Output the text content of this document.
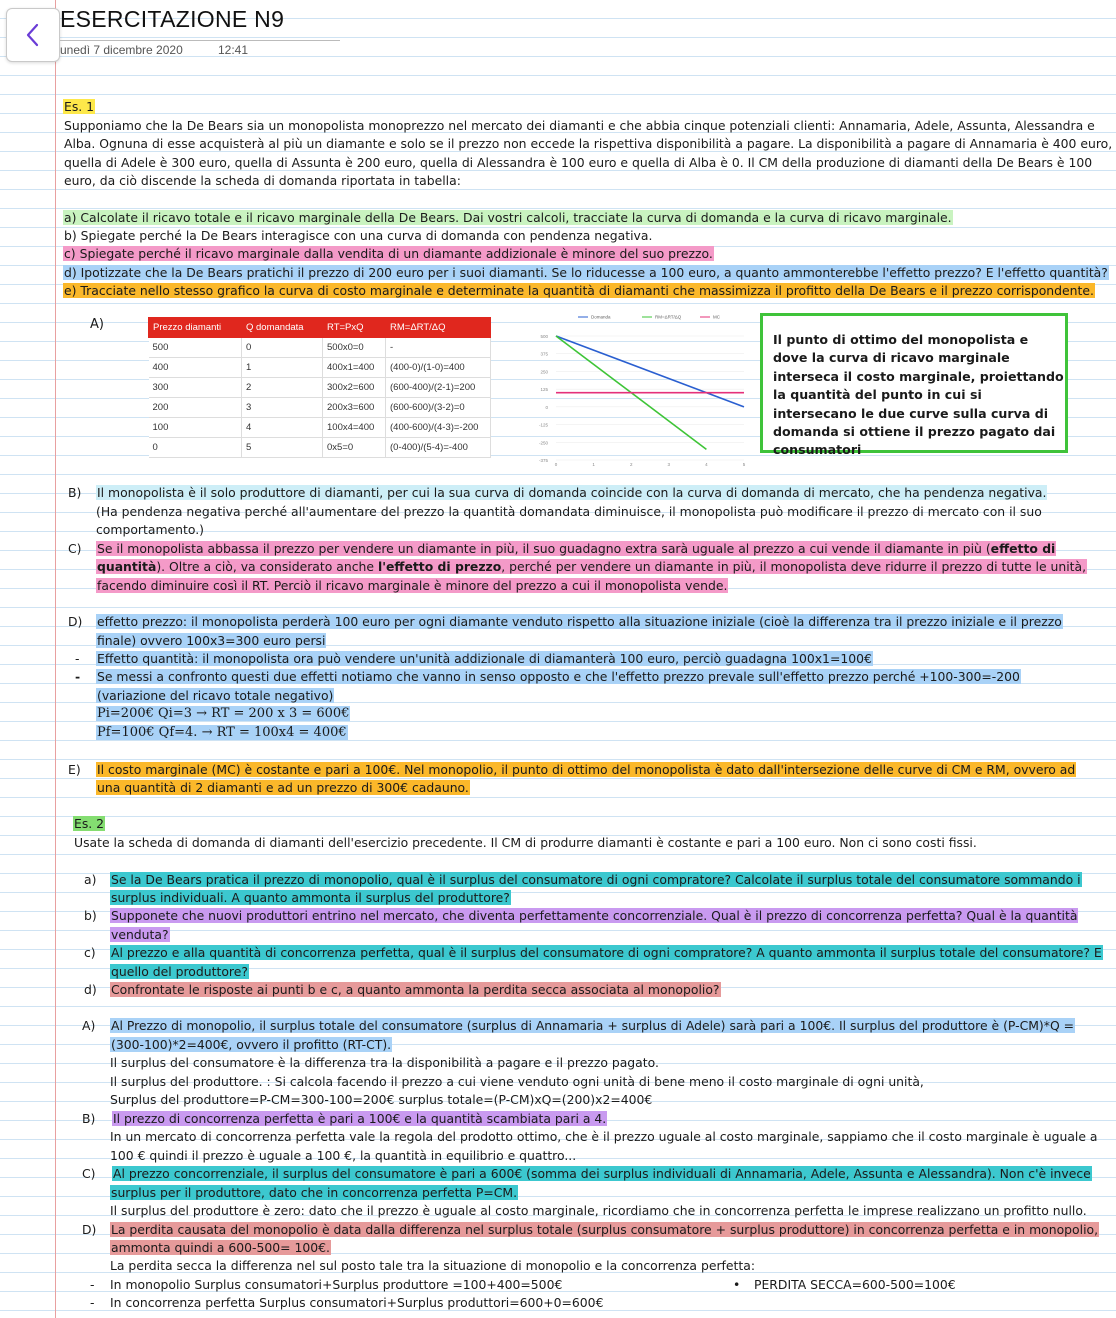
ESERCITAZIONE N9
unedì 7 dicembre 2020	12:41
Es. 1
Supponiamo che la De Bears sia un monopolista monoprezzo nel mercato dei diamanti e che abbia cinque potenziali clienti: Annamaria, Adele, Assunta, Alessandra e
Alba. Ognuna di esse acquisterà al più un diamante e solo se il prezzo non eccede la rispettiva disponibilità a pagare. La disponibilità a pagare di Annamaria è 400 euro,
quella di Adele è 300 euro, quella di Assunta è 200 euro, quella di Alessandra è 100 euro e quella di Alba è 0. Il CM della produzione di diamanti della De Bears è 100
euro, da ciò discende la scheda di domanda riportata in tabella:
a) Calcolate il ricavo totale e il ricavo marginale della De Bears. Dai vostri calcoli, tracciate la curva di domanda e la curva di ricavo marginale.
b) Spiegate perché la De Bears interagisce con una curva di domanda con pendenza negativa.
c) Spiegate perché il ricavo marginale dalla vendita di un diamante addizionale è minore del suo prezzo.
d) Ipotizzate che la De Bears pratichi il prezzo di 200 euro per i suoi diamanti. Se lo riducesse a 100 euro, a quanto ammonterebbe l'effetto prezzo? E l'effetto quantità?
e) Tracciate nello stesso grafico la curva di costo marginale e determinate la quantità di diamanti che massimizza il profitto della De Bears e il prezzo corrispondente.
A)	Prezzo diamanti	Q domandata	RT=PxQ	RM=ΔRT/ΔQ
500	0	500x0=0	-
400	1	400x1=400	(400-0)/(1-0)=400
300	2	300x2=600	(600-400)/(2-1)=200
200	3	200x3=600	(600-600)/(3-2)=0
100	4	100x4=400	(400-600)/(4-3)=-200
0	5	0x5=0	(0-400)/(5-4)=-400
500
375
250
125
0
-125
-250
-375
0	1	2	3	4	5
Domanda	RM=ΔRT/ΔQ	MC
Il punto di ottimo del monopolista e dove la curva di ricavo marginale interseca il costo marginale, proiettando la quantità del punto in cui si intersecano le due curve sulla curva di domanda si ottiene il prezzo pagato dai consumatori
B) Il monopolista è il solo produttore di diamanti, per cui la sua curva di domanda coincide con la curva di domanda di mercato, che ha pendenza negativa.
(Ha pendenza negativa perché all'aumentare del prezzo la quantità domandata diminuisce, il monopolista può modificare il prezzo di mercato con il suo
comportamento.)
C) Se il monopolista abbassa il prezzo per vendere un diamante in più, il suo guadagno extra sarà uguale al prezzo a cui vende il diamante in più (effetto di
quantità). Oltre a ciò, va considerato anche l'effetto di prezzo, perché per vendere un diamante in più, il monopolista deve ridurre il prezzo di tutte le unità,
facendo diminuire così il RT. Perciò il ricavo marginale è minore del prezzo a cui il monopolista vende.
D) effetto prezzo: il monopolista perderà 100 euro per ogni diamante venduto rispetto alla situazione iniziale (cioè la differenza tra il prezzo iniziale e il prezzo
finale) ovvero 100x3=300 euro persi
- Effetto quantità: il monopolista ora può vendere un'unità addizionale di diamanterà 100 euro, perciò guadagna 100x1=100€
- Se messi a confronto questi due effetti notiamo che vanno in senso opposto e che l'effetto prezzo prevale sull'effetto prezzo perché +100-300=-200
(variazione del ricavo totale negativo)
Pi=200€ Qi=3 → RT = 200 x 3 = 600€
Pf=100€ Qf=4. → RT = 100x4 = 400€
E) Il costo marginale (MC) è costante e pari a 100€. Nel monopolio, il punto di ottimo del monopolista è dato dall'intersezione delle curve di CM e RM, ovvero ad
una quantità di 2 diamanti e ad un prezzo di 300€ cadauno.
Es. 2
Usate la scheda di domanda di diamanti dell'esercizio precedente. Il CM di produrre diamanti è costante e pari a 100 euro. Non ci sono costi fissi.
a) Se la De Bears pratica il prezzo di monopolio, qual è il surplus del consumatore di ogni compratore? Calcolate il surplus totale del consumatore sommando i
surplus individuali. A quanto ammonta il surplus del produttore?
b) Supponete che nuovi produttori entrino nel mercato, che diventa perfettamente concorrenziale. Qual è il prezzo di concorrenza perfetta? Qual è la quantità
venduta?
c) Al prezzo e alla quantità di concorrenza perfetta, qual è il surplus del consumatore di ogni compratore? A quanto ammonta il surplus totale del consumatore? E
quello del produttore?
d) Confrontate le risposte ai punti b e c, a quanto ammonta la perdita secca associata al monopolio?
A) Al Prezzo di monopolio, il surplus totale del consumatore (surplus di Annamaria + surplus di Adele) sarà pari a 100€. Il surplus del produttore è (P-CM)*Q =
(300-100)*2=400€, ovvero il profitto (RT-CT).
Il surplus del consumatore è la differenza tra la disponibilità a pagare e il prezzo pagato.
Il surplus del produttore. : Si calcola facendo il prezzo a cui viene venduto ogni unità di bene meno il costo marginale di ogni unità,
Surplus del produttore=P-CM=300-100=200€ surplus totale=(P-CM)xQ=(200)x2=400€
B) Il prezzo di concorrenza perfetta è pari a 100€ e la quantità scambiata pari a 4.
In un mercato di concorrenza perfetta vale la regola del prodotto ottimo, che è il prezzo uguale al costo marginale, sappiamo che il costo marginale è uguale a
100 € quindi il prezzo è uguale a 100 €, la quantità in equilibrio e quattro...
C) Al prezzo concorrenziale, il surplus del consumatore è pari a 600€ (somma dei surplus individuali di Annamaria, Adele, Assunta e Alessandra). Non c'è invece
surplus per il produttore, dato che in concorrenza perfetta P=CM.
Il surplus del produttore è zero: dato che il prezzo è uguale al costo marginale, ricordiamo che in concorrenza perfetta le imprese realizzano un profitto nullo.
D) La perdita causata del monopolio è data dalla differenza nel surplus totale (surplus consumatore + surplus produttore) in concorrenza perfetta e in monopolio,
ammonta quindi a 600-500= 100€.
La perdita secca la differenza nel sul posto tale tra la situazione di monopolio e la concorrenza perfetta:
- In monopolio Surplus consumatori+Surplus produttore =100+400=500€
- In concorrenza perfetta Surplus consumatori+Surplus produttori=600+0=600€
• PERDITA SECCA=600-500=100€
